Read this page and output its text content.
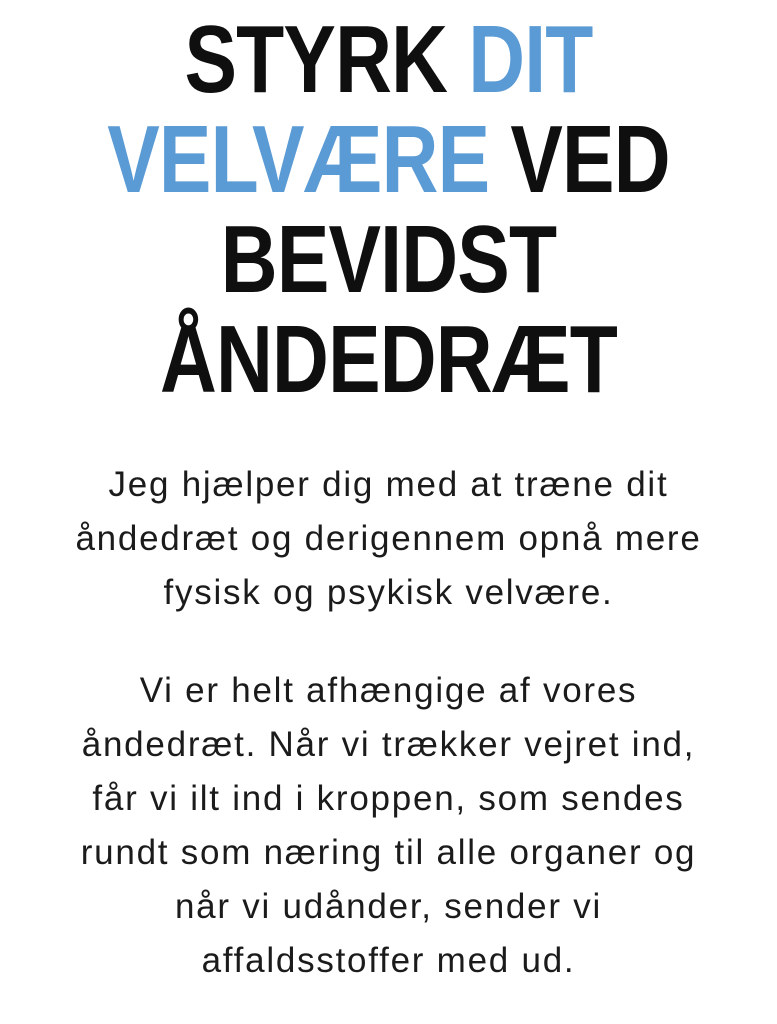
STYRK DIT
VELVÆRE VED
BEVIDST
ÅNDEDRÆT

Jeg hjælper dig med at træne dit
åndedræt og derigennem opnå mere
fysisk og psykisk velvære.

Vi er helt afhængige af vores
åndedræt. Når vi trækker vejret ind,
får vi ilt ind i kroppen, som sendes
rundt som næring til alle organer og
når vi udånder, sender vi
affaldsstoffer med ud.
